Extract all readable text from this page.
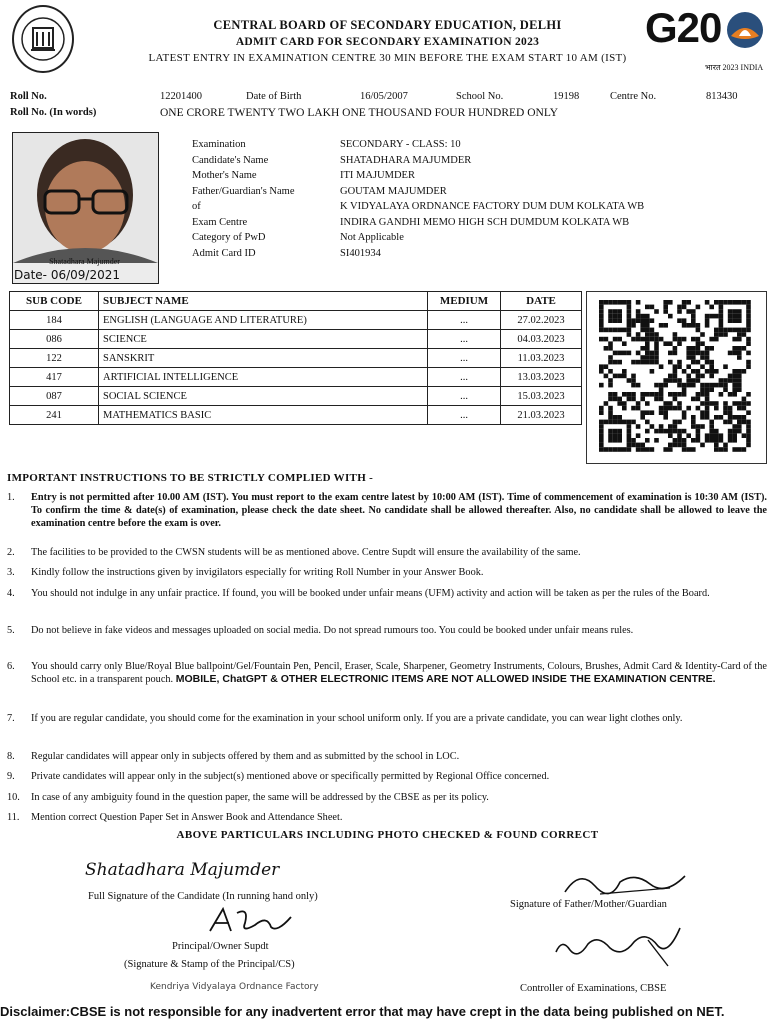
G20
भारत 2023 INDIA
CENTRAL BOARD OF SECONDARY EDUCATION, DELHI
ADMIT CARD FOR SECONDARY EXAMINATION 2023
LATEST ENTRY IN EXAMINATION CENTRE 30 MIN BEFORE THE EXAM START 10 AM (IST)
Roll No.	12201400	Date of Birth	16/05/2007	School No.	19198	Centre No.	813430
Roll No. (In words)	ONE CRORE TWENTY TWO LAKH ONE THOUSAND FOUR HUNDRED ONLY
Shatadhara Majumder
Date- 06/09/2021
Examination	SECONDARY - CLASS: 10
Candidate's Name	SHATADHARA MAJUMDER
Mother's Name	ITI MAJUMDER
Father/Guardian's Name	GOUTAM MAJUMDER
of	K VIDYALAYA ORDNANCE FACTORY DUM DUM KOLKATA WB
Exam Centre	INDIRA GANDHI MEMO HIGH SCH DUMDUM KOLKATA WB
Category of PwD	Not Applicable
Admit Card ID	SI401934
SUB CODE	SUBJECT NAME	MEDIUM	DATE
184	ENGLISH (LANGUAGE AND LITERATURE)	...	27.02.2023
086	SCIENCE	...	04.03.2023
122	SANSKRIT	...	11.03.2023
417	ARTIFICIAL INTELLIGENCE	...	13.03.2023
087	SOCIAL SCIENCE	...	15.03.2023
241	MATHEMATICS BASIC	...	21.03.2023
IMPORTANT INSTRUCTIONS TO BE STRICTLY COMPLIED WITH -
1.	Entry is not permitted after 10.00 AM (IST). You must report to the exam centre latest by 10:00 AM (IST). Time of commencement of examination is 10:30 AM (IST). To confirm the time & date(s) of examination, please check the date sheet. No candidate shall be allowed thereafter. Also, no candidate shall be allowed to leave the examination centre before the exam is over.
2.	The facilities to be provided to the CWSN students will be as mentioned above. Centre Supdt will ensure the availability of the same.
3.	Kindly follow the instructions given by invigilators especially for writing Roll Number in your Answer Book.
4.	You should not indulge in any unfair practice. If found, you will be booked under unfair means (UFM) activity and action will be taken as per the rules of the Board.
5.	Do not believe in fake videos and messages uploaded on social media. Do not spread rumours too. You could be booked under unfair means rules.
6.	You should carry only Blue/Royal Blue ballpoint/Gel/Fountain Pen, Pencil, Eraser, Scale, Sharpener, Geometry Instruments, Colours, Brushes, Admit Card & Identity-Card of the School etc. in a transparent pouch. MOBILE, ChatGPT & OTHER ELECTRONIC ITEMS ARE NOT ALLOWED INSIDE THE EXAMINATION CENTRE.
7.	If you are regular candidate, you should come for the examination in your school uniform only. If you are a private candidate, you can wear light clothes only.
8.	Regular candidates will appear only in subjects offered by them and as submitted by the school in LOC.
9.	Private candidates will appear only in the subject(s) mentioned above or specifically permitted by Regional Office concerned.
10. In case of any ambiguity found in the question paper, the same will be addressed by the CBSE as per its policy.
11. Mention correct Question Paper Set in Answer Book and Attendance Sheet.
ABOVE PARTICULARS INCLUDING PHOTO CHECKED & FOUND CORRECT
Shatadhara Majumder
Full Signature of the Candidate (In running hand only)
Signature of Father/Mother/Guardian
Principal/Owner Supdt
(Signature & Stamp of the Principal/CS)
Kendriya Vidyalaya Ordnance Factory	Controller of Examinations, CBSE
Disclaimer:CBSE is not responsible for any inadvertent error that may have crept in the data being published on NET.
